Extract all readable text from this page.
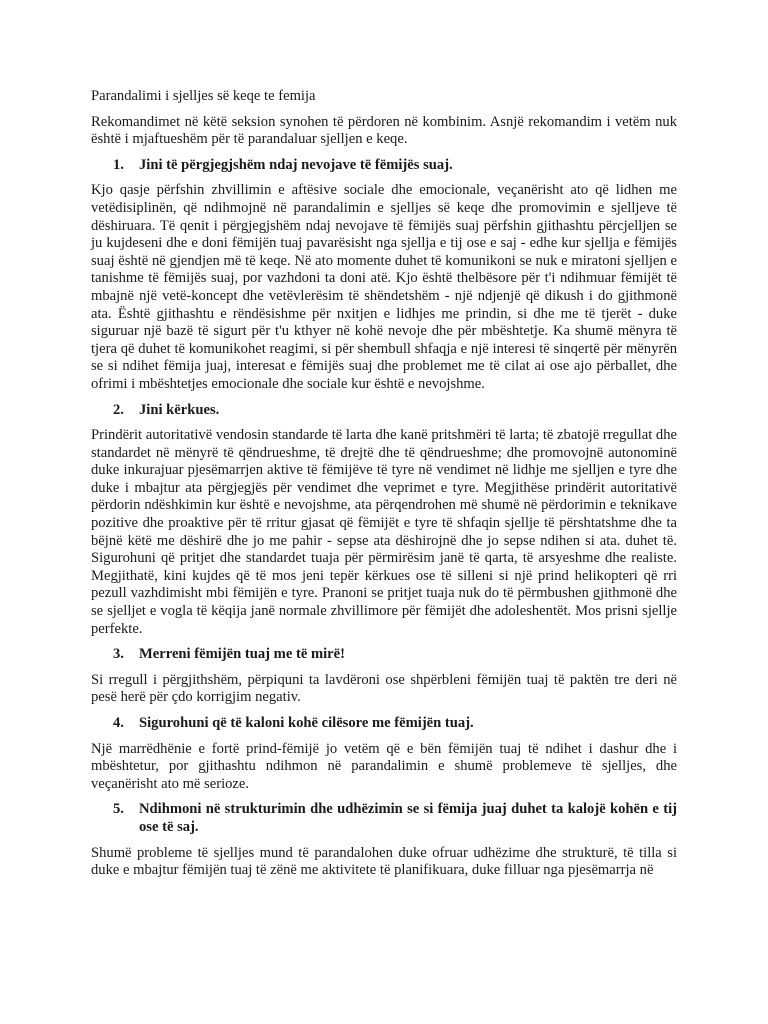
Parandalimi i sjelljes së keqe te femija

Rekomandimet në këtë seksion synohen të përdoren në kombinim. Asnjë rekomandim i vetëm nuk është i mjaftueshëm për të parandaluar sjelljen e keqe.

1.	Jini të përgjegjshëm ndaj nevojave të fëmijës suaj.

Kjo qasje përfshin zhvillimin e aftësive sociale dhe emocionale, veçanërisht ato që lidhen me vetëdisiplinën, që ndihmojnë në parandalimin e sjelljes së keqe dhe promovimin e sjelljeve të dëshiruara. Të qenit i përgjegjshëm ndaj nevojave të fëmijës suaj përfshin gjithashtu përcjelljen se ju kujdeseni dhe e doni fëmijën tuaj pavarësisht nga sjellja e tij ose e saj - edhe kur sjellja e fëmijës suaj është në gjendjen më të keqe. Në ato momente duhet të komunikoni se nuk e miratoni sjelljen e tanishme të fëmijës suaj, por vazhdoni ta doni atë. Kjo është thelbësore për t'i ndihmuar fëmijët të mbajnë një vetë-koncept dhe vetëvlerësim të shëndetshëm - një ndjenjë që dikush i do gjithmonë ata. Është gjithashtu e rëndësishme për nxitjen e lidhjes me prindin, si dhe me të tjerët - duke siguruar një bazë të sigurt për t'u kthyer në kohë nevoje dhe për mbështetje. Ka shumë mënyra të tjera që duhet të komunikohet reagimi, si për shembull shfaqja e një interesi të sinqertë për mënyrën se si ndihet fëmija juaj, interesat e fëmijës suaj dhe problemet me të cilat ai ose ajo përballet, dhe ofrimi i mbështetjes emocionale dhe sociale kur është e nevojshme.

2.	Jini kërkues.

Prindërit autoritativë vendosin standarde të larta dhe kanë pritshmëri të larta; të zbatojë rregullat dhe standardet në mënyrë të qëndrueshme, të drejtë dhe të qëndrueshme; dhe promovojnë autonominë duke inkurajuar pjesëmarrjen aktive të fëmijëve të tyre në vendimet në lidhje me sjelljen e tyre dhe duke i mbajtur ata përgjegjës për vendimet dhe veprimet e tyre. Megjithëse prindërit autoritativë përdorin ndëshkimin kur është e nevojshme, ata përqendrohen më shumë në përdorimin e teknikave pozitive dhe proaktive për të rritur gjasat që fëmijët e tyre të shfaqin sjellje të përshtatshme dhe ta bëjnë këtë me dëshirë dhe jo me pahir - sepse ata dëshirojnë dhe jo sepse ndihen si ata. duhet të. Sigurohuni që pritjet dhe standardet tuaja për përmirësim janë të qarta, të arsyeshme dhe realiste. Megjithatë, kini kujdes që të mos jeni tepër kërkues ose të silleni si një prind helikopteri që rri pezull vazhdimisht mbi fëmijën e tyre. Pranoni se pritjet tuaja nuk do të përmbushen gjithmonë dhe se sjelljet e vogla të këqija janë normale zhvillimore për fëmijët dhe adoleshentët. Mos prisni sjellje perfekte.

3.	Merreni fëmijën tuaj me të mirë!

Si rregull i përgjithshëm, përpiquni ta lavdëroni ose shpërbleni fëmijën tuaj të paktën tre deri në pesë herë për çdo korrigjim negativ.

4.	Sigurohuni që të kaloni kohë cilësore me fëmijën tuaj.

Një marrëdhënie e fortë prind-fëmijë jo vetëm që e bën fëmijën tuaj të ndihet i dashur dhe i mbështetur, por gjithashtu ndihmon në parandalimin e shumë problemeve të sjelljes, dhe veçanërisht ato më serioze.

5.	Ndihmoni në strukturimin dhe udhëzimin se si fëmija juaj duhet ta kalojë kohën e tij ose të saj.

Shumë probleme të sjelljes mund të parandalohen duke ofruar udhëzime dhe strukturë, të tilla si duke e mbajtur fëmijën tuaj të zënë me aktivitete të planifikuara, duke filluar nga pjesëmarrja në
